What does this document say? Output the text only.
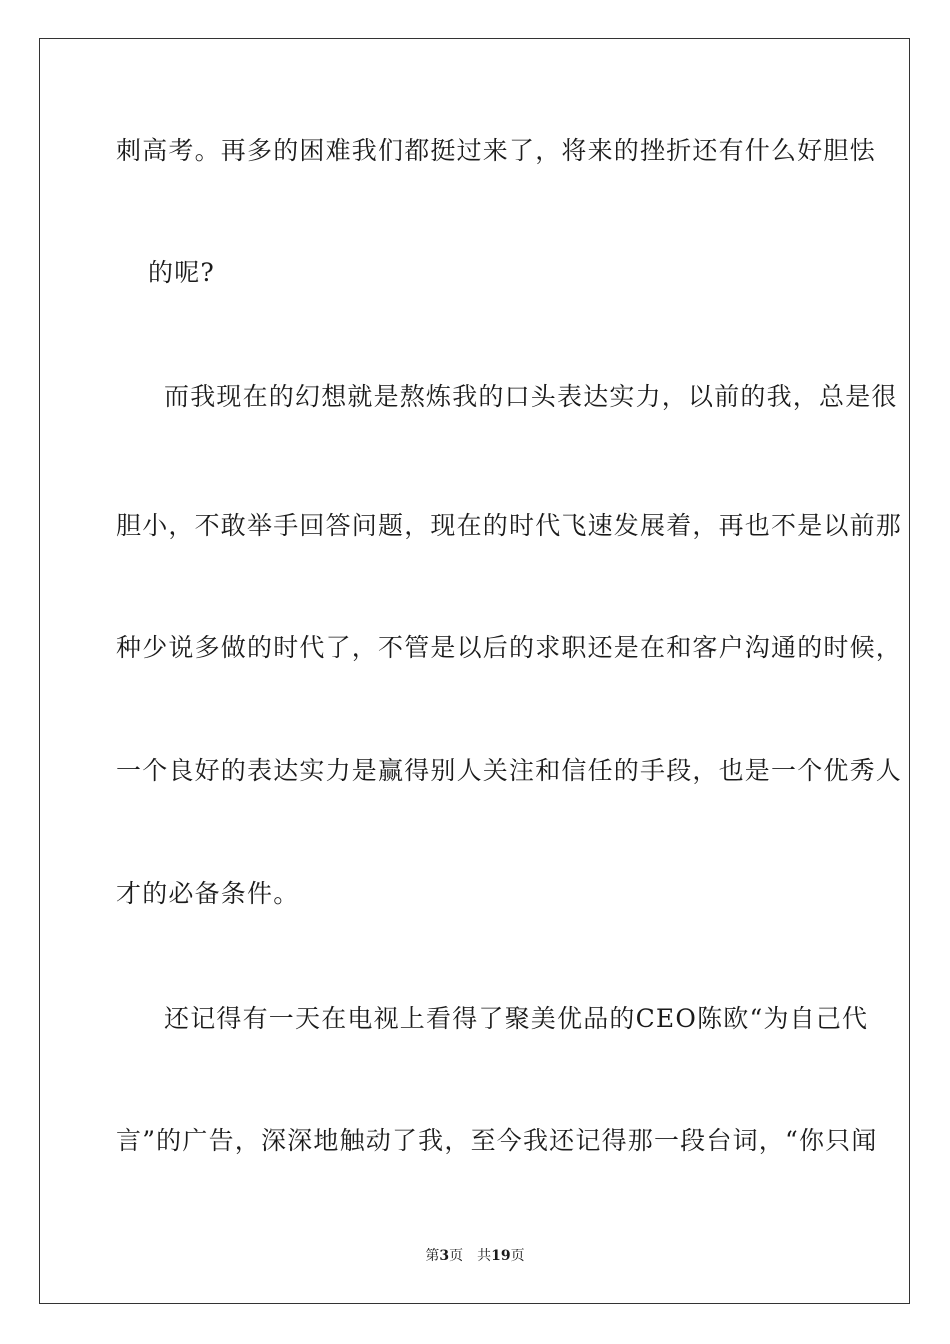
刺高考。再多的困难我们都挺过来了，将来的挫折还有什么好胆怯
的呢?
而我现在的幻想就是熬炼我的口头表达实力，以前的我，总是很
胆小，不敢举手回答问题，现在的时代飞速发展着，再也不是以前那
种少说多做的时代了，不管是以后的求职还是在和客户沟通的时候，
一个良好的表达实力是赢得别人关注和信任的手段，也是一个优秀人
才的必备条件。
还记得有一天在电视上看得了聚美优品的CEO陈欧“为自己代
言”的广告，深深地触动了我，至今我还记得那一段台词，“你只闻
第3页 共19页
